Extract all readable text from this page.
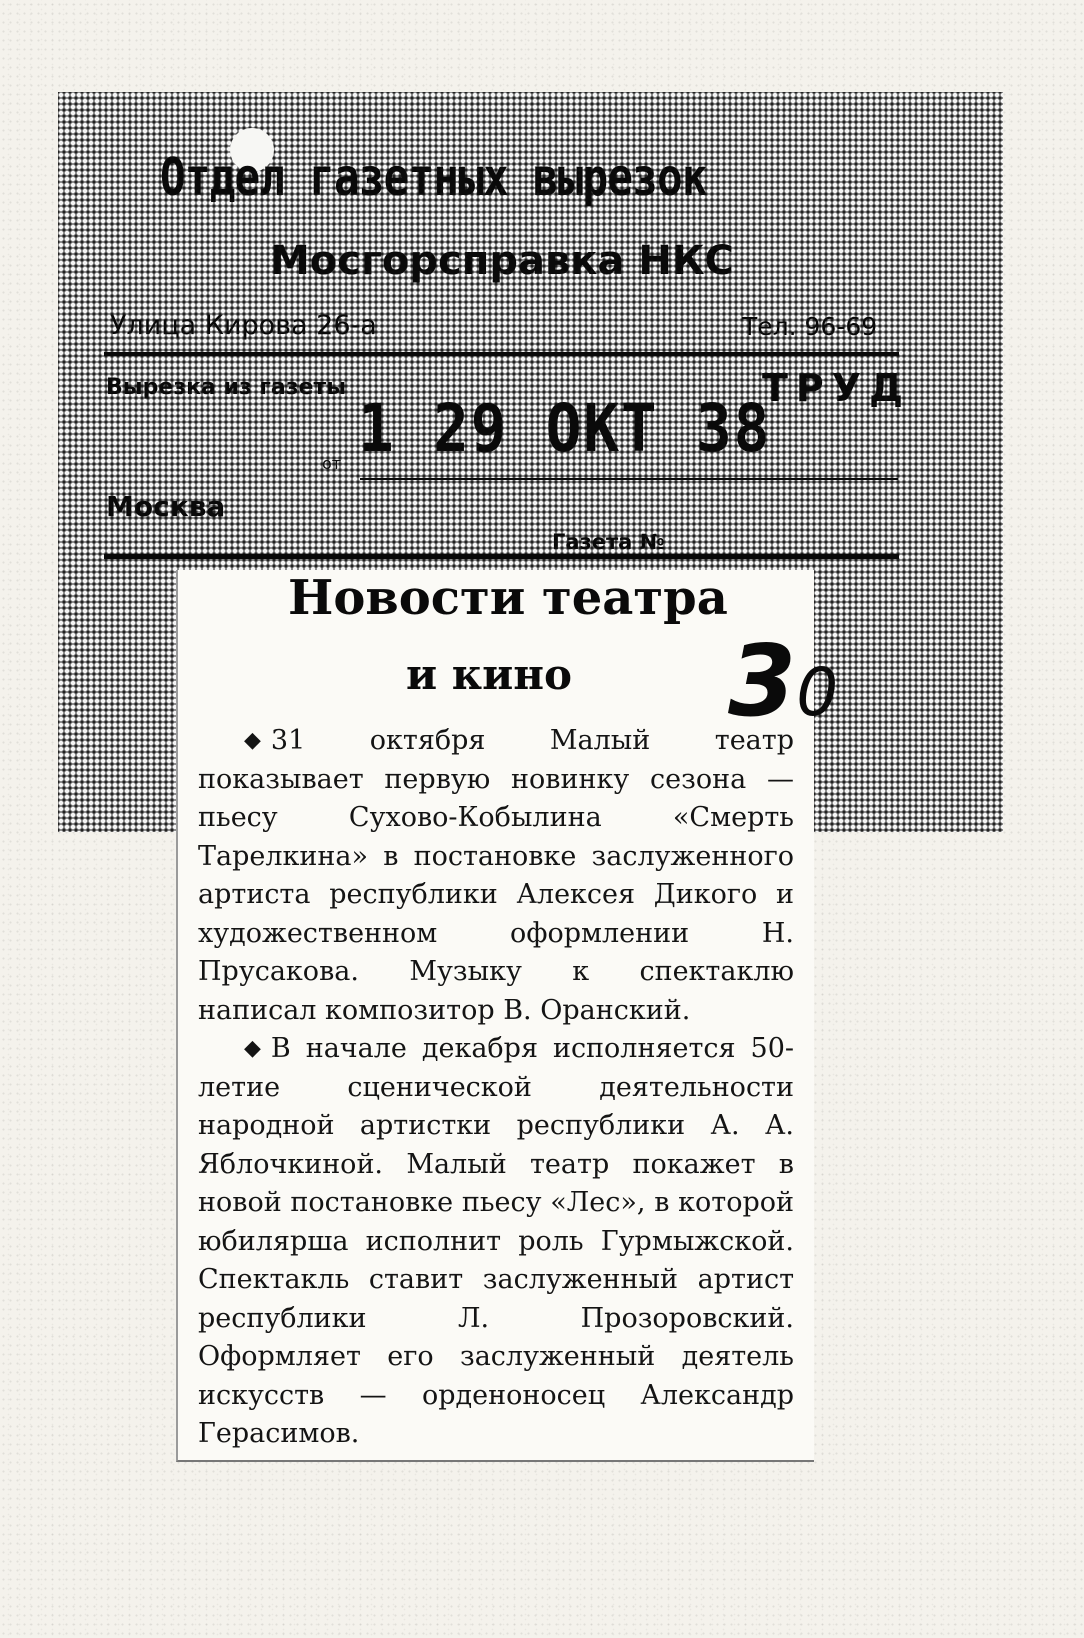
Отдел газетных вырезок
Мосгорсправка НКС
Улица Кирова 26-а	Тел. 96-69
Вырезка из газеты	ТРУД
1 29 ОКТ 38
от
Москва
Газета №
Новости театра
и кино 30

◆ 31 октября Малый театр показывает первую новинку сезона — пьесу Сухово-Кобылина «Смерть Тарелкина» в постановке заслуженного артиста республики Алексея Дикого и художественном оформлении Н. Прусакова. Музыку к спектаклю написал композитор В. Оранский.

◆ В начале декабря исполняется 50-летие сценической деятельности народной артистки республики А. А. Яблочкиной. Малый театр покажет в новой постановке пьесу «Лес», в которой юбилярша исполнит роль Гурмыжской. Спектакль ставит заслуженный артист республики Л. Прозоровский. Оформляет его заслуженный деятель искусств — орденоносец Александр Герасимов.
